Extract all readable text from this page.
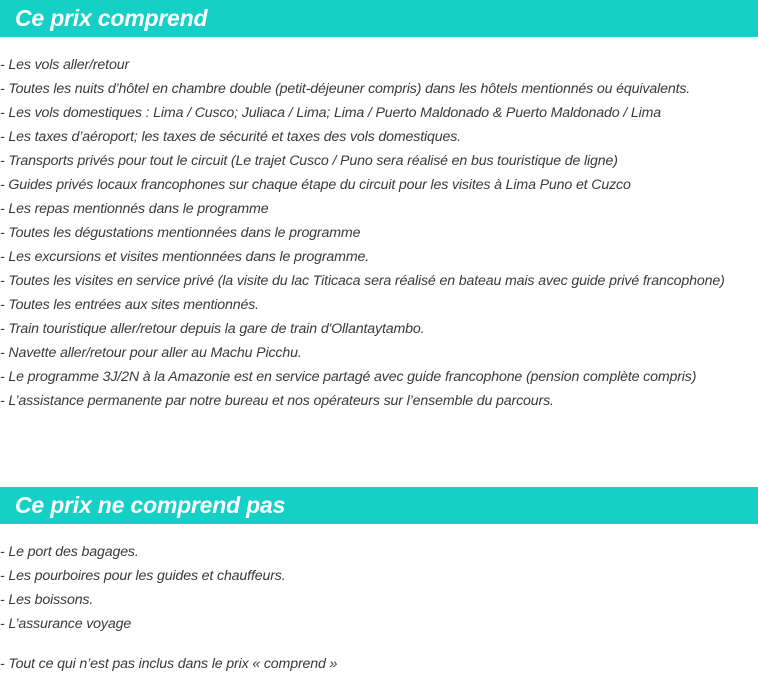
Ce prix comprend
- Les vols aller/retour
- Toutes les nuits d’hôtel en chambre double (petit-déjeuner compris) dans les hôtels mentionnés ou équivalents.
- Les vols domestiques : Lima / Cusco; Juliaca / Lima; Lima / Puerto Maldonado & Puerto Maldonado / Lima
- Les taxes d’aéroport; les taxes de sécurité et taxes des vols domestiques.
- Transports privés pour tout le circuit (Le trajet Cusco / Puno sera réalisé en bus touristique de ligne)
- Guides privés locaux francophones sur chaque étape du circuit pour les visites à Lima Puno et Cuzco
- Les repas mentionnés dans le programme
- Toutes les dégustations mentionnées dans le programme
- Les excursions et visites mentionnées dans le programme.
- Toutes les visites en service privé (la visite du lac Titicaca sera réalisé en bateau mais avec guide privé francophone)
- Toutes les entrées aux sites mentionnés.
- Train touristique aller/retour depuis la gare de train d'Ollantaytambo.
- Navette aller/retour pour aller au Machu Picchu.
- Le programme 3J/2N à la Amazonie est en service partagé avec guide francophone (pension complète compris)
- L’assistance permanente par notre bureau et nos opérateurs sur l’ensemble du parcours.
Ce prix ne comprend pas
- Le port des bagages.
- Les pourboires pour les guides et chauffeurs.
- Les boissons.
- L’assurance voyage

- Tout ce qui n’est pas inclus dans le prix « comprend »
